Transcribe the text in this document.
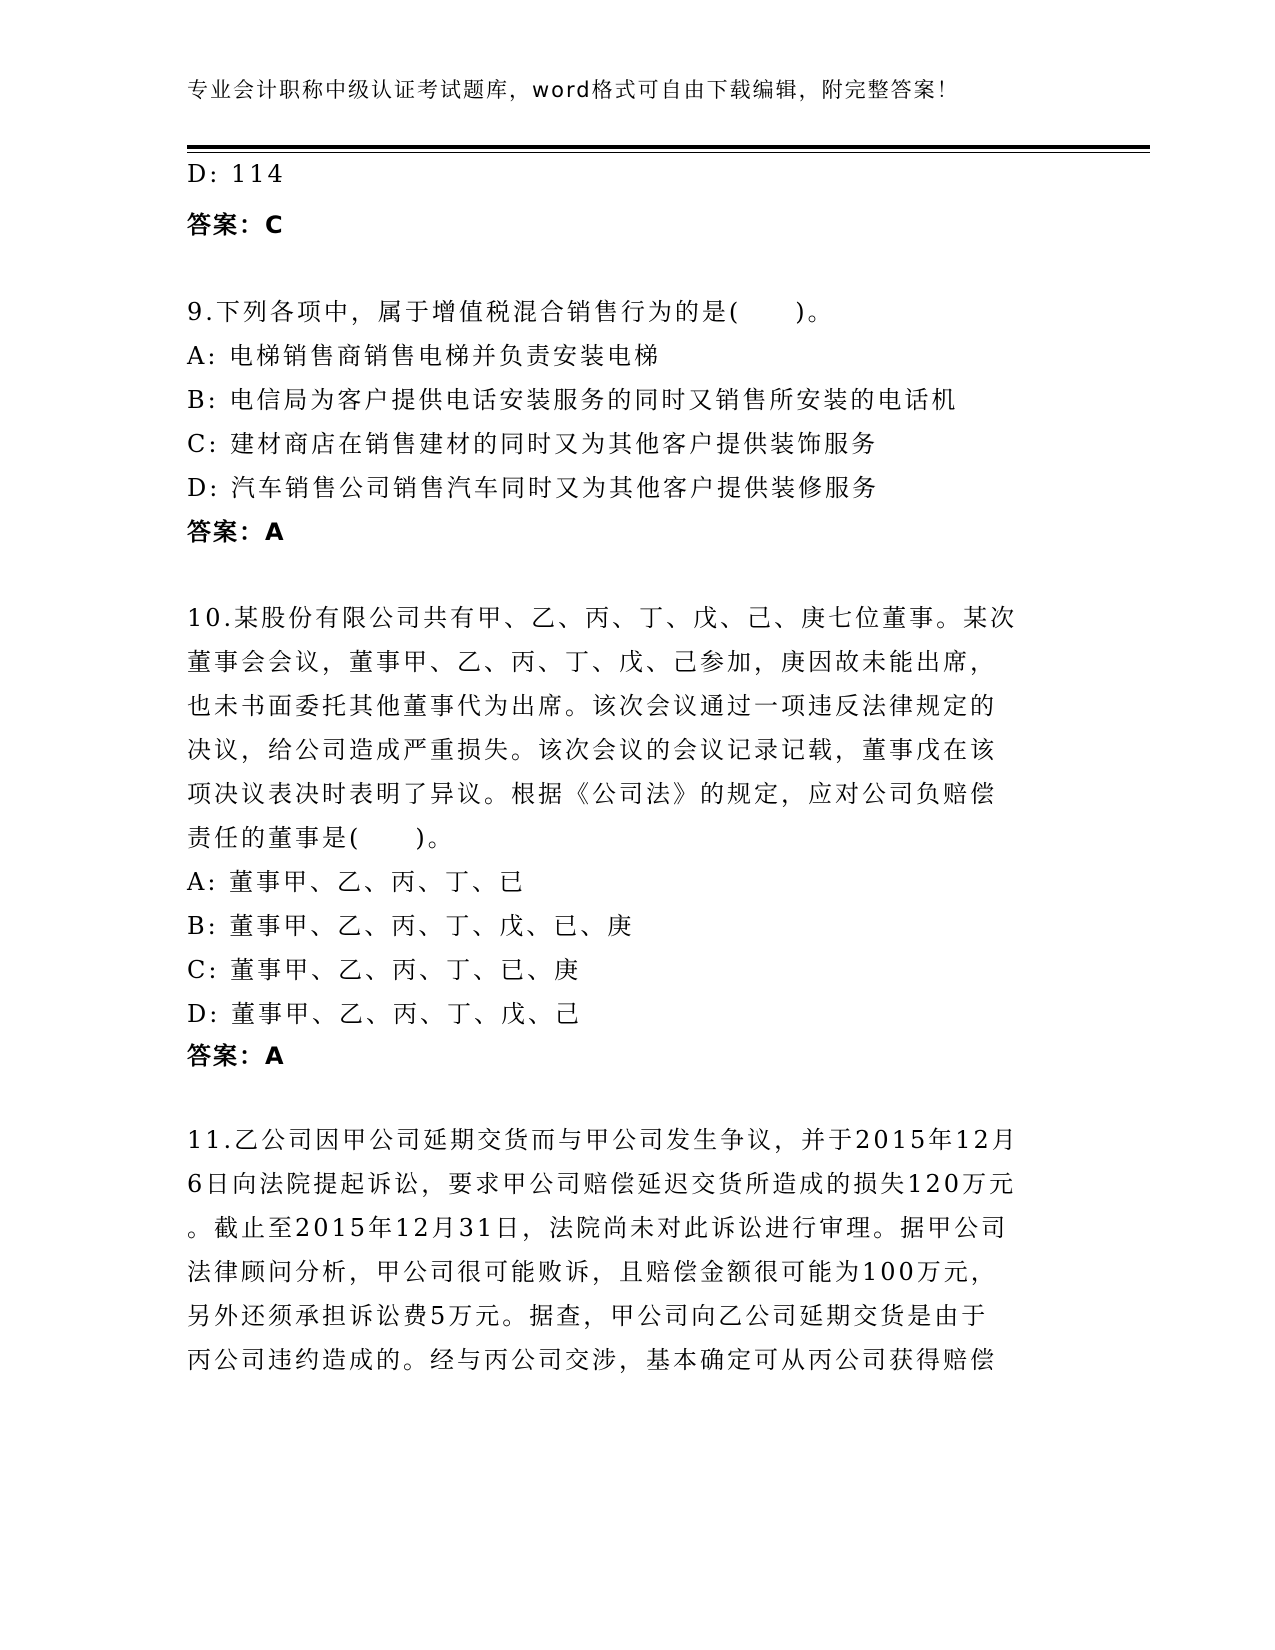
专业会计职称中级认证考试题库，word格式可自由下载编辑，附完整答案！
D: 114
答案：C
9.下列各项中，属于增值税混合销售行为的是(　　)。
A: 电梯销售商销售电梯并负责安装电梯
B: 电信局为客户提供电话安装服务的同时又销售所安装的电话机
C: 建材商店在销售建材的同时又为其他客户提供装饰服务
D: 汽车销售公司销售汽车同时又为其他客户提供装修服务
答案：A
10.某股份有限公司共有甲、乙、丙、丁、戊、己、庚七位董事。某次
董事会会议，董事甲、乙、丙、丁、戊、己参加，庚因故未能出席，
也未书面委托其他董事代为出席。该次会议通过一项违反法律规定的
决议，给公司造成严重损失。该次会议的会议记录记载，董事戊在该
项决议表决时表明了异议。根据《公司法》的规定，应对公司负赔偿
责任的董事是(　　)。
A: 董事甲、乙、丙、丁、已
B: 董事甲、乙、丙、丁、戊、已、庚
C: 董事甲、乙、丙、丁、已、庚
D: 董事甲、乙、丙、丁、戊、己
答案：A
11.乙公司因甲公司延期交货而与甲公司发生争议，并于2015年12月
6日向法院提起诉讼，要求甲公司赔偿延迟交货所造成的损失120万元
。截止至2015年12月31日，法院尚未对此诉讼进行审理。据甲公司
法律顾问分析，甲公司很可能败诉，且赔偿金额很可能为100万元，
另外还须承担诉讼费5万元。据查，甲公司向乙公司延期交货是由于
丙公司违约造成的。经与丙公司交涉，基本确定可从丙公司获得赔偿
